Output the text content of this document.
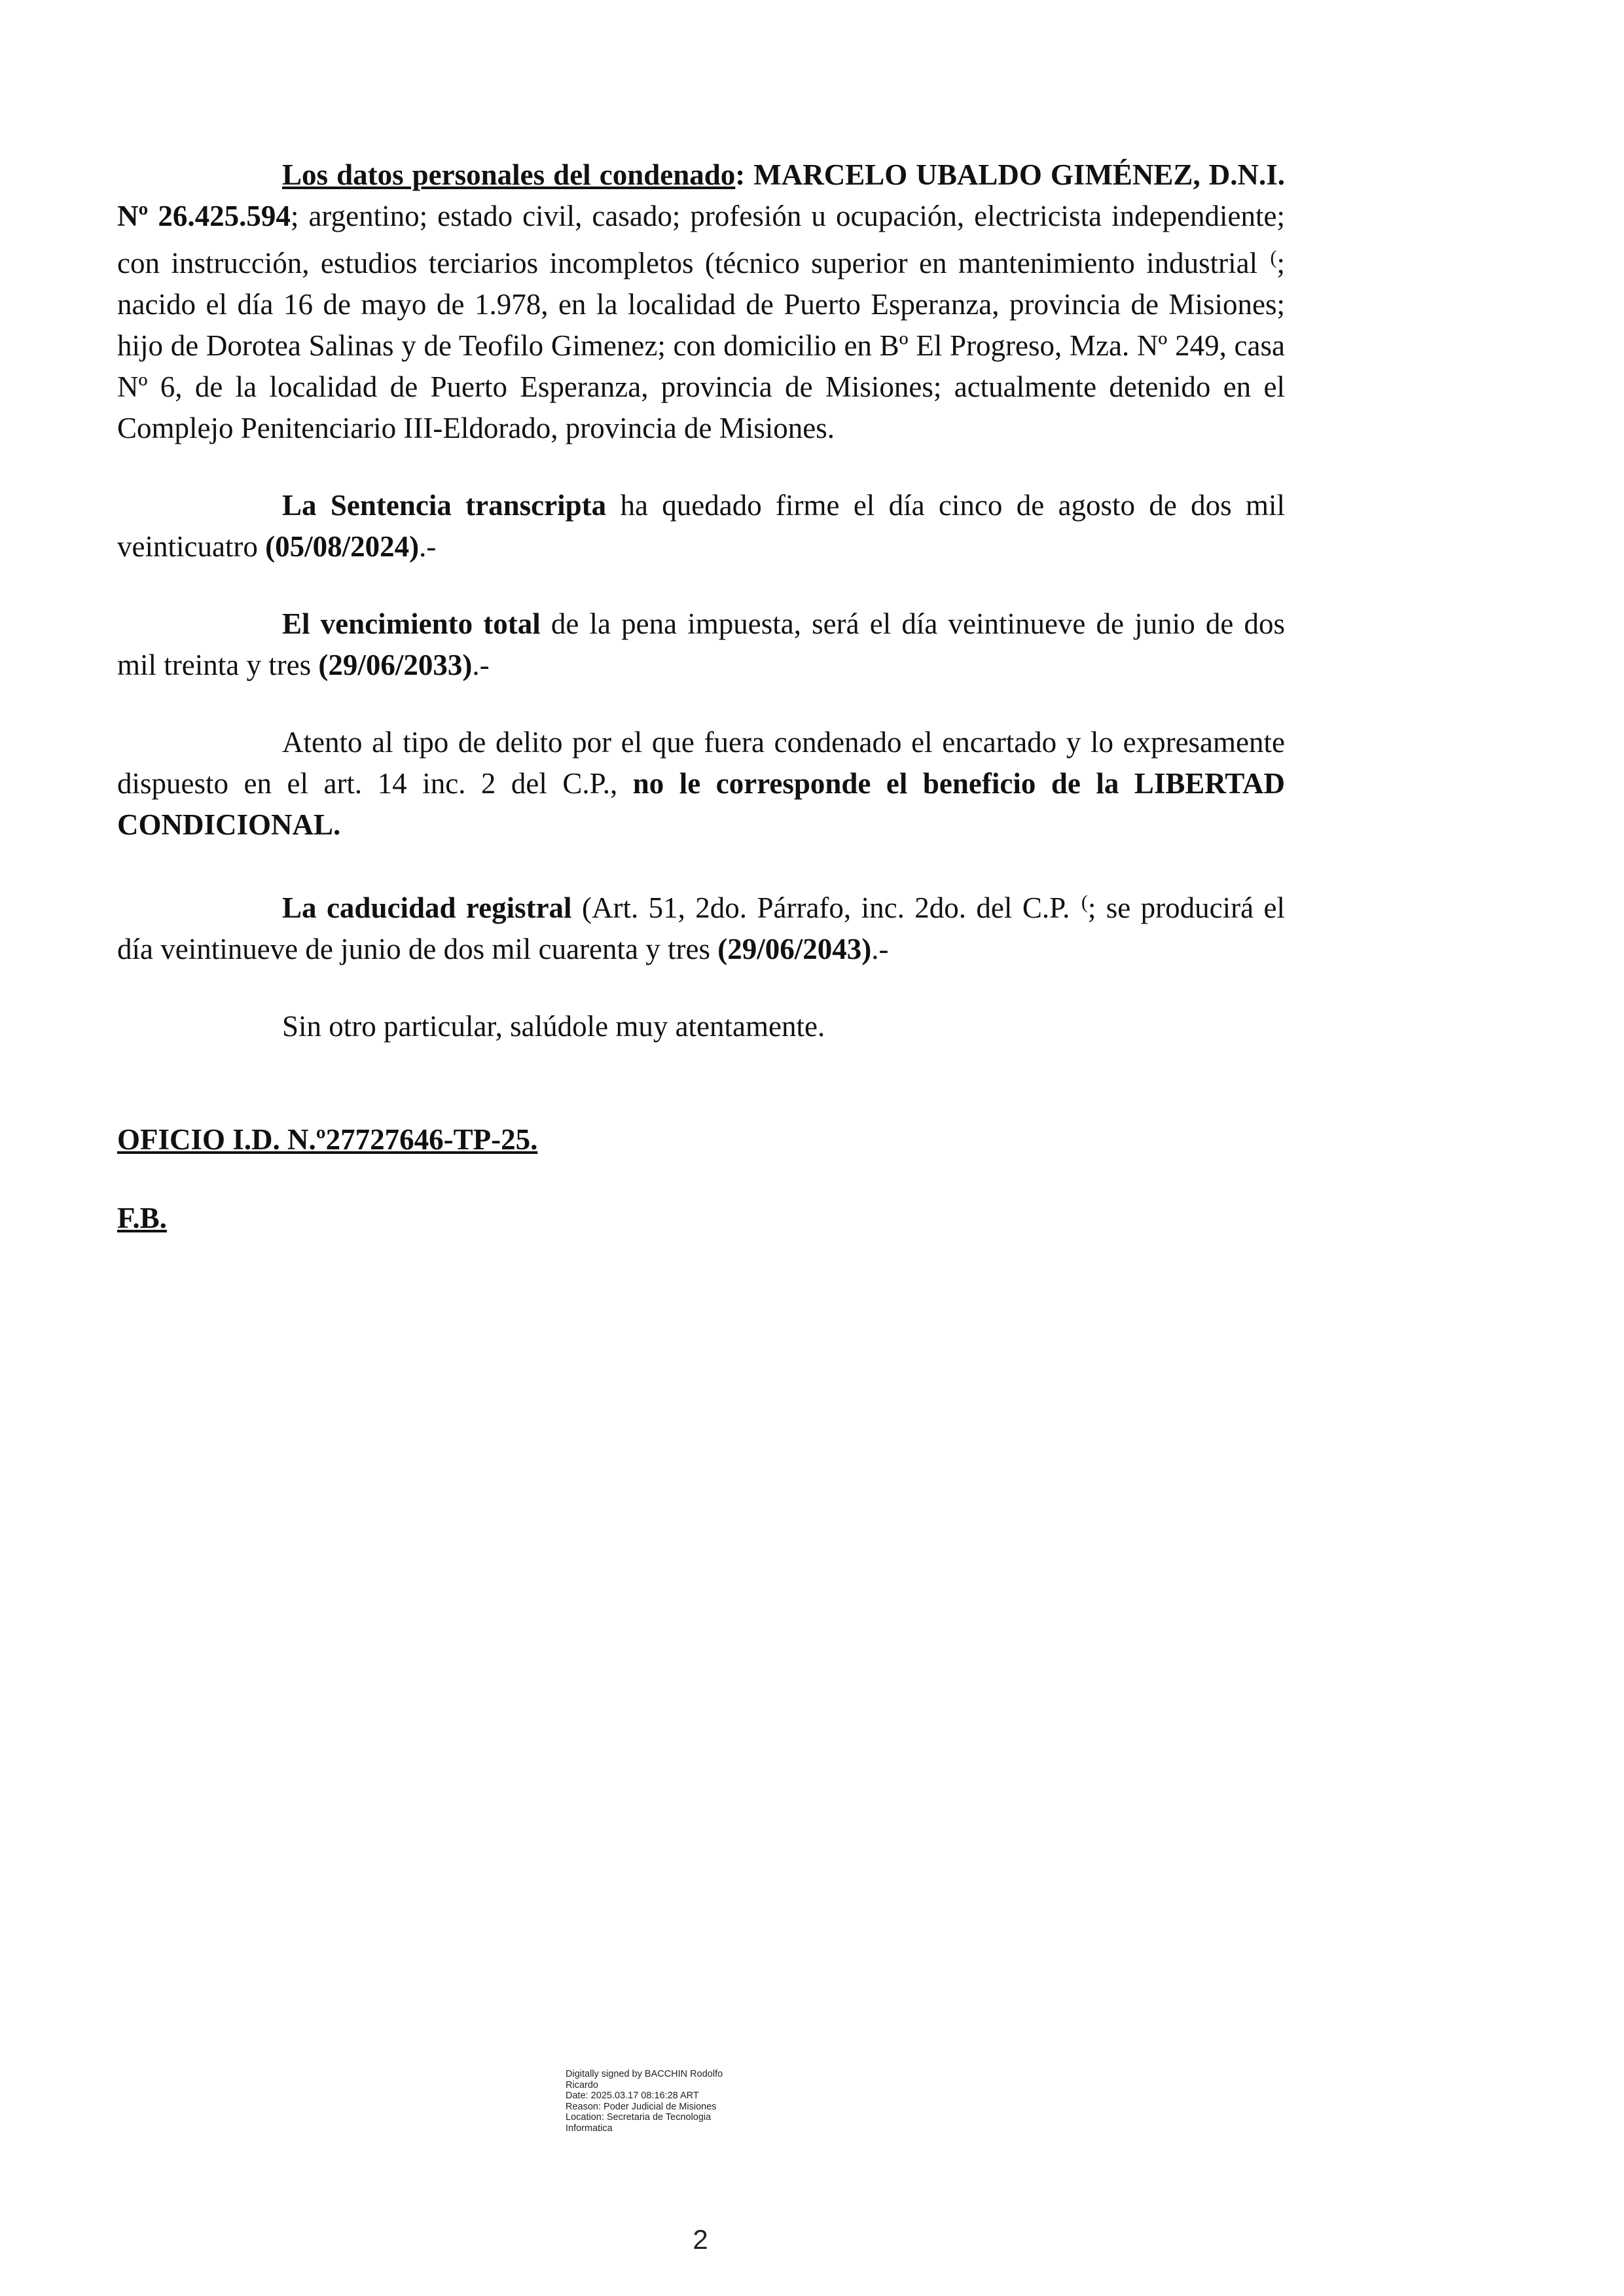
Los datos personales del condenado: MARCELO UBALDO GIMÉNEZ, D.N.I. Nº 26.425.594; argentino; estado civil, casado; profesión u ocupación, electricista independiente; con instrucción, estudios terciarios incompletos (técnico superior en mantenimiento industrial (; nacido el día 16 de mayo de 1.978, en la localidad de Puerto Esperanza, provincia de Misiones; hijo de Dorotea Salinas y de Teofilo Gimenez; con domicilio en Bº El Progreso, Mza. Nº 249, casa Nº 6, de la localidad de Puerto Esperanza, provincia de Misiones; actualmente detenido en el Complejo Penitenciario III-Eldorado, provincia de Misiones.

La Sentencia transcripta ha quedado firme el día cinco de agosto de dos mil veinticuatro (05/08/2024).-

El vencimiento total de la pena impuesta, será el día veintinueve de junio de dos mil treinta y tres (29/06/2033).-

Atento al tipo de delito por el que fuera condenado el encartado y lo expresamente dispuesto en el art. 14 inc. 2 del C.P., no le corresponde el beneficio de la LIBERTAD CONDICIONAL.

La caducidad registral (Art. 51, 2do. Párrafo, inc. 2do. del C.P. (; se producirá el día veintinueve de junio de dos mil cuarenta y tres (29/06/2043).-

Sin otro particular, salúdole muy atentamente.

OFICIO I.D. N.º27727646-TP-25.
F.B.
Digitally signed by BACCHIN Rodolfo
Ricardo
Date: 2025.03.17 08:16:28 ART
Reason: Poder Judicial de Misiones
Location: Secretaria de Tecnologia
Informatica
2
